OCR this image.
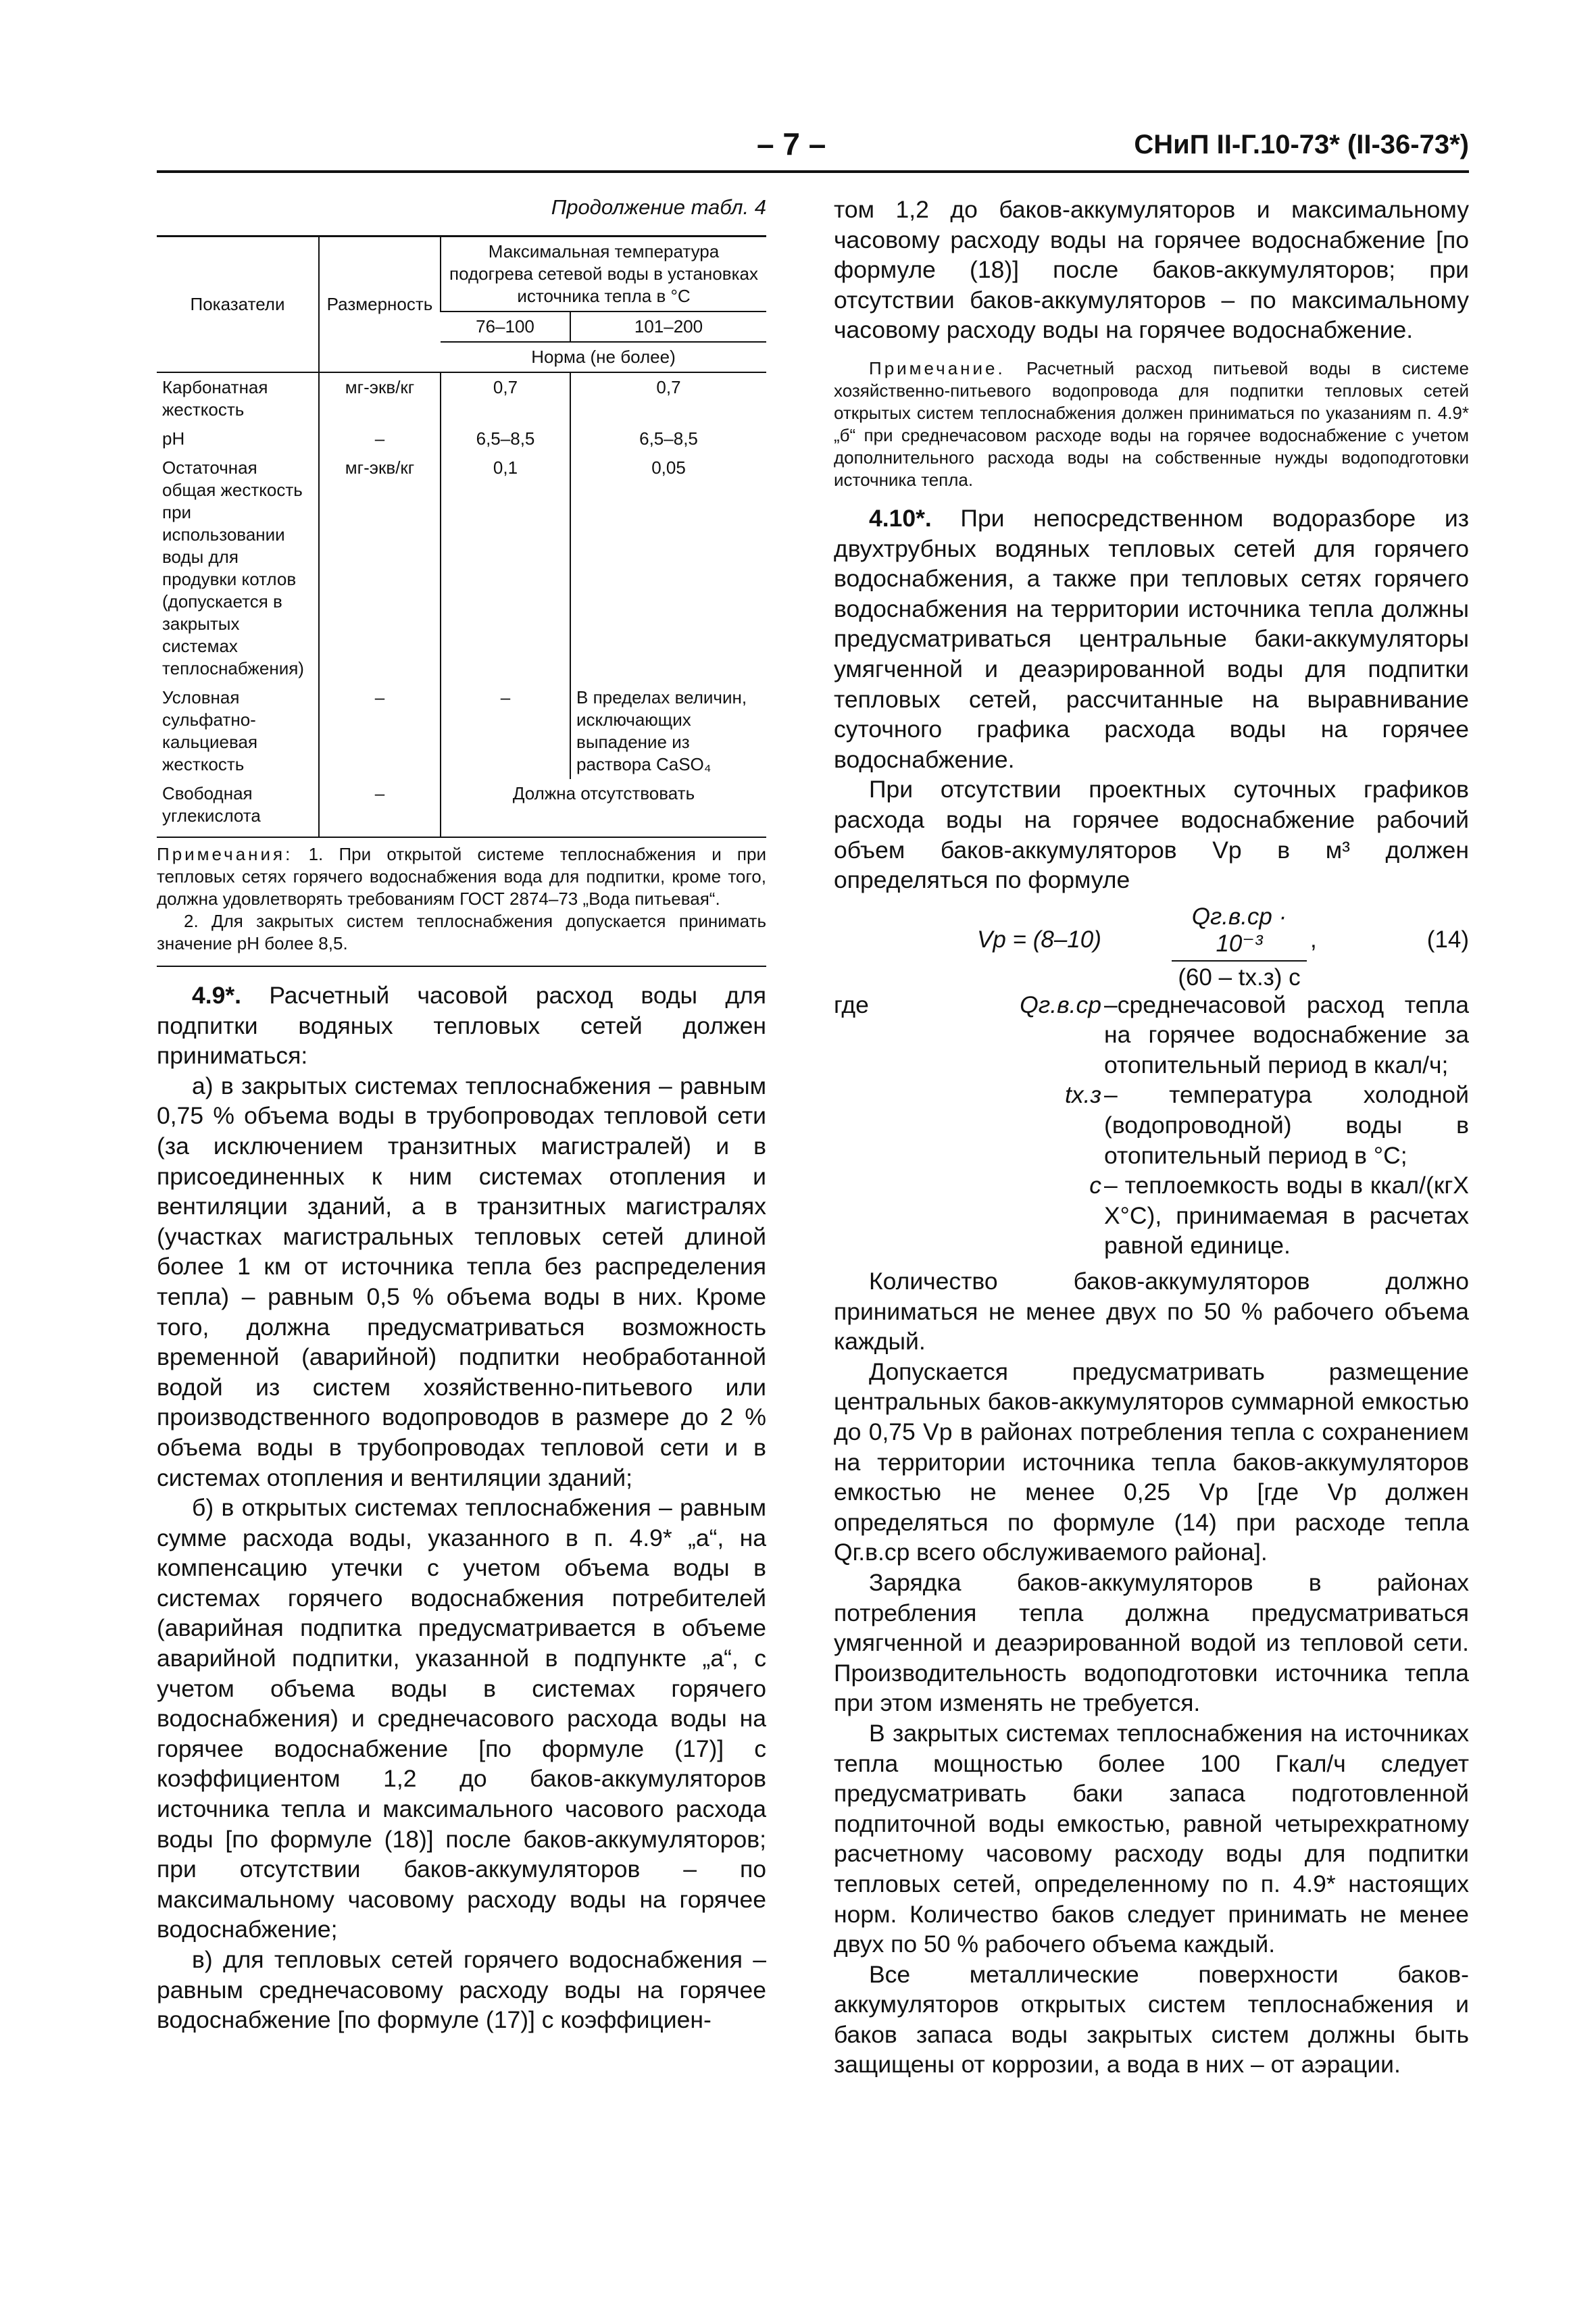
– 7 –	СНиП II-Г.10-73* (II-36-73*)

Продолжение табл. 4

Показатели	Размерность	Максимальная температура подогрева сетевой воды в установках источника тепла в °С	
		76–100	101–200
		Норма (не более)	
Карбонатная жесткость	мг-экв/кг	0,7	0,7
pH	–	6,5–8,5	6,5–8,5
Остаточная общая жесткость при использовании воды для продувки котлов (допускается в закрытых системах теплоснабжения)	мг-экв/кг	0,1	0,05
Условная сульфатно-кальциевая жесткость	–	–	В пределах величин, исключающих выпадение из раствора CaSO₄
Свободная углекислота	–	Должна отсутствовать	

Примечания: 1. При открытой системе теплоснабжения и при тепловых сетях горячего водоснабжения вода для подпитки, кроме того, должна удовлетворять требованиям ГОСТ 2874–73 „Вода питьевая“.

2. Для закрытых систем теплоснабжения допускается принимать значение pH более 8,5.

4.9*. Расчетный часовой расход воды для подпитки водяных тепловых сетей должен приниматься:

а) в закрытых системах теплоснабжения – равным 0,75 % объема воды в трубопроводах тепловой сети (за исключением транзитных магистралей) и в присоединенных к ним системах отопления и вентиляции зданий, а в транзитных магистралях (участках магистральных тепловых сетей длиной более 1 км от источника тепла без распределения тепла) – равным 0,5 % объема воды в них. Кроме того, должна предусматриваться возможность временной (аварийной) подпитки необработанной водой из систем хозяйственно-питьевого или производственного водопроводов в размере до 2 % объема воды в трубопроводах тепловой сети и в системах отопления и вентиляции зданий;

б) в открытых системах теплоснабжения – равным сумме расхода воды, указанного в п. 4.9* „а“, на компенсацию утечки с учетом объема воды в системах горячего водоснабжения потребителей (аварийная подпитка предусматривается в объеме аварийной подпитки, указанной в подпункте „а“, с учетом объема воды в системах горячего водоснабжения) и среднечасового расхода воды на горячее водоснабжение [по формуле (17)] с коэффициентом 1,2 до баков-аккумуляторов источника тепла и максимального часового расхода воды [по формуле (18)] после баков-аккумуляторов; при отсутствии баков-аккумуляторов – по максимальному часовому расходу воды на горячее водоснабжение;

в) для тепловых сетей горячего водоснабжения – равным среднечасовому расходу воды на горячее водоснабжение [по формуле (17)] с коэффициен-

том 1,2 до баков-аккумуляторов и максимальному часовому расходу воды на горячее водоснабжение [по формуле (18)] после баков-аккумуляторов; при отсутствии баков-аккумуляторов – по максимальному часовому расходу воды на горячее водоснабжение.

Примечание. Расчетный расход питьевой воды в системе хозяйственно-питьевого водопровода для подпитки тепловых сетей открытых систем теплоснабжения должен приниматься по указаниям п. 4.9* „б“ при среднечасовом расходе воды на горячее водоснабжение с учетом дополнительного расхода воды на собственные нужды водоподготовки источника тепла.

4.10*. При непосредственном водоразборе из двухтрубных водяных тепловых сетей для горячего водоснабжения, а также при тепловых сетях горячего водоснабжения на территории источника тепла должны предусматриваться центральные баки-аккумуляторы умягченной и деаэрированной воды для подпитки тепловых сетей, рассчитанные на выравнивание суточного графика расхода воды на горячее водоснабжение.

При отсутствии проектных суточных графиков расхода воды на горячее водоснабжение рабочий объем баков-аккумуляторов Vр в м³ должен определяться по формуле

Vр = (8–10)
Qг.в.ср · 10⁻³
(60 – tх.з) с
,	(14)
где	Qг.в.ср –среднечасовой расход тепла на горячее водоснабжение за отопительный период в ккал/ч;
tх.з – температура холодной (водопроводной) воды в отопительный период в °С;
с – теплоемкость воды в ккал/(кгХ Х°С), принимаемая в расчетах равной единице.

Количество баков-аккумуляторов должно приниматься не менее двух по 50 % рабочего объема каждый.

Допускается предусматривать размещение центральных баков-аккумуляторов суммарной емкостью до 0,75 Vр в районах потребления тепла с сохранением на территории источника тепла баков-аккумуляторов емкостью не менее 0,25 Vр [где Vр должен определяться по формуле (14) при расходе тепла Qг.в.ср всего обслуживаемого района].

Зарядка баков-аккумуляторов в районах потребления тепла должна предусматриваться умягченной и деаэрированной водой из тепловой сети. Производительность водоподготовки источника тепла при этом изменять не требуется.

В закрытых системах теплоснабжения на источниках тепла мощностью более 100 Гкал/ч следует предусматривать баки запаса подготовленной подпиточной воды емкостью, равной четырехкратному расчетному часовому расходу воды для подпитки тепловых сетей, определенному по п. 4.9* настоящих норм. Количество баков следует принимать не менее двух по 50 % рабочего объема каждый.

Все металлические поверхности баков-аккумуляторов открытых систем теплоснабжения и баков запаса воды закрытых систем должны быть защищены от коррозии, а вода в них – от аэрации.
